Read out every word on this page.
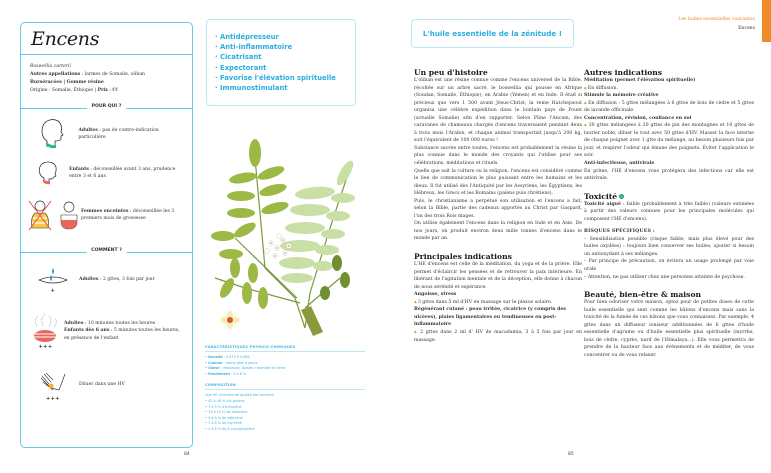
Encens
Boswellia carterii
Autres appellations : larmes de Somalie, oliban
Burséracées | Gomme résine
Origine : Somalie, Éthiopie | Prix : €€
POUR QUI ?
Adultes : pas de contre-indication particulière
Enfants : déconseillée avant 3 ans, prudence entre 3 et 6 ans
Femmes enceintes : déconseillée les 3 premiers mois de grossesse
COMMENT ?
+
Adultes : 2 gttes, 3 fois par jour
+++
Adultes : 10 minutes toutes les heures
Enfants dès 6 ans : 5 minutes toutes les heures, en présence de l'enfant
+++
Diluer dans une HV
· Antidépresseur
· Anti-inflammatoire
· Cicatrisant
· Expectorant
· Favorise l'élévation spirituelle
· Immunostimulant
CARACTÉRISTIQUES PHYSICO-CHIMIQUES
• Densité : 0,875 à 0,885
• Couleur : jaune pâle à jaune
• Odeur : résineuse, boisée, citronnée et verte
• Rendement : 3 à 8 %
COMPOSITION
Une HE d'encens de qualité bio contient :
• 42 à 48 % d'α-pinène
• 7 à 9 % d'α-thujène
• 13 à 15 % de limonène
• 4 à 9 % de sabinène
• 7 à 8 % de myrcène
• 1 à 8 % de β-caryophyllène
84
Les huiles essentielles courantes
Encens
L'huile essentielle de la zénitude !
Un peu d'histoire

L'oliban est une résine connue comme l'encens universel de la Bible, récoltée sur un arbre sacré, le boswellia qui pousse en Afrique (Soudan, Somalie, Éthiopie), en Arabie (Yémen) et en Inde. Il était si précieux que vers 1 500 avant Jésus-Christ, la reine Hatchepsout organisa une célèbre expédition dans le lointain pays de Pount (actuelle Somalie) afin d'en rapporter. Selon Pline l'Ancien, des caravanes de chameaux chargés d'encens traversaient pendant deux à trois mois l'Arabie, et chaque animal transportait jusqu'à 200 kg, soit l'équivalent de 100 000 euros !

Substance sacrée entre toutes, l'encens est probablement la résine la plus connue dans le monde des croyants qui l'utilise pour ses célébrations, méditations et rituels.

Quelle que soit la culture ou la religion, l'encens est considéré comme le lien de communication le plus puissant entre les humains et les dieux. Il fut utilisé dès l'Antiquité par les Assyriens, les Égyptiens, les Hébreux, les Grecs et les Romains (païens puis chrétiens).

Puis, le christianisme a perpétué son utilisation et l'encens a fait, selon la Bible, partie des cadeaux apportés au Christ par Gaspard, l'un des trois Rois mages.

On utilise également l'encens dans la religion en Inde et en Asie. De nos jours, on produit environ deux mille tonnes d'encens dans le monde par an.

Principales indications

L'HE d'encens est celle de la méditation, du yoga et de la prière. Elle permet d'éclaircir les pensées et de retrouver la paix intérieure. En libérant de l'agitation mentale et de la déception, elle donne à chacun de nous sérénité et espérance.

Angoisse, stress
◆ 3 gttes dans 5 ml d'HV en massage sur le plexus solaire.
Régénérant cutané : peau irritée, cicatrice (y compris des ulcères), plaies ligamentaires ou tendineuses en post-inflammatoire
◆ 2 gttes dans 2 ml d' HV de macadamia, 3 à 5 fois par jour en massage.
Autres indications
Méditation (permet l'élévation spirituelle)
◆ En diffusion.
Stimule la mémoire créative
◆ En diffusion : 5 gttes mélangées à 6 gttes de bois de cèdre et 5 gttes de lavande officinale.
Concentration, révision, confiance en soi
◆ 20 gttes mélangées à 20 gttes de pin des montagnes et 10 gttes de laurier noble, diluer le tout avec 50 gttes d'HV. Masser la face interne de chaque poignet avec 1 gtte du mélange, au besoin plusieurs fois par jour, et respirer l'odeur qui émane des poignets. Éviter l'application le soir.
Anti-infectieuse, antivirale

En prime, l'HE d'encens vous protégera des infections car elle est antivirale.

Toxicité

Toxicité aiguë : faible (probablement à très faible) (valeurs estimées à partir des valeurs connues pour les principales molécules qui composent l'HE d'encens).

RISQUES SPÉCIFIQUES :

– Sensibilisation possible (risque faible, mais plus élevé pour des huiles oxydées) : toujours bien conserver ses huiles, ajouter si besoin un antioxydant à ses mélanges.

– Par principe de précaution, on évitera un usage prolongé par voie orale

– Attention, ne pas utiliser chez une personne atteinte de psychose.

Beauté, bien-être & maison

Pour bien odoriser votre maison, optez pour de petites doses de cette huile essentielle qui sent comme les bâtons d'encens mais sans la toxicité de la fumée de ces bâtons que vous connaissez. Par exemple, 4 gttes dans un diffuseur ioniseur additionnées de 6 gttes d'huile essentielle d'agrume ou d'huile essentielle plus spirituelle (myrrhe, bois de cèdre, cyprès, nard de l'Himalaya...). Elle vous permettra de prendre de la hauteur face aux événements et de méditer, de vous concentrer ou de vous relaxer.

85
